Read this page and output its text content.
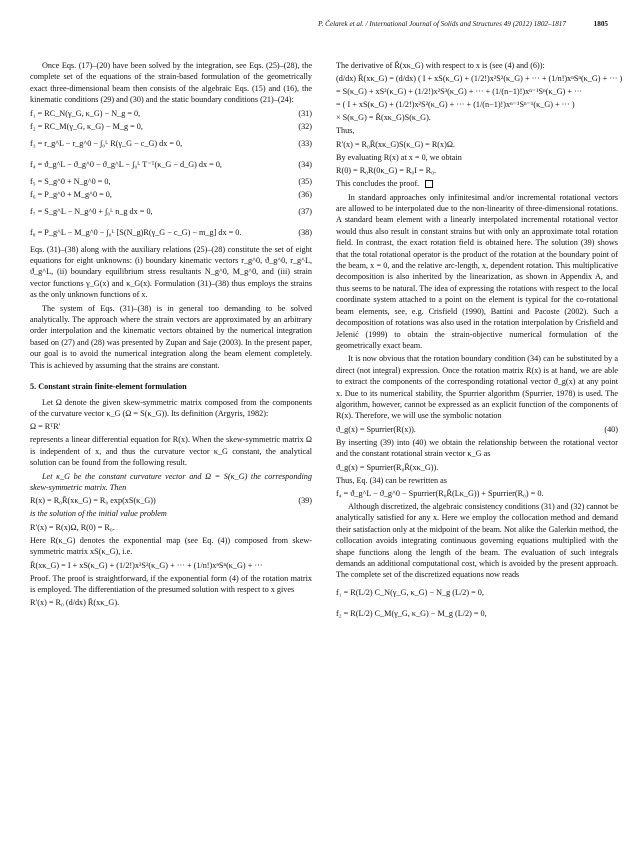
P. Čelarek et al. / International Journal of Solids and Structures 49 (2012) 1802–1817	1805

Once Eqs. (17)–(20) have been solved by the integration, see Eqs. (25)–(28), the complete set of the equations of the strain-based formulation of the geometrically exact three-dimensional beam then consists of the algebraic Eqs. (15) and (16), the kinematic conditions (29) and (30) and the static boundary conditions (21)–(24):

f₁ = RC_N(γ_G, κ_G) − N_g = 0,	(31)
f₂ = RC_M(γ_G, κ_G) − M_g = 0,	(32)
f₃ = r_g^L − r_g^0 − ∫₀ᴸ R(γ_G − c_G) dx = 0,	(33)
f₄ = ϑ_g^L − ϑ_g^0 − ϑ_g^L − ∫₀ᴸ T⁻ᵀ(κ_G − d_G) dx = 0,	(34)
f₅ = S_g^0 + N_g^0 = 0,	(35)
f₆ = P_g^0 + M_g^0 = 0,	(36)
f₇ = S_g^L − N_g^0 + ∫₀ᴸ n_g dx = 0,	(37)
f₈ = P_g^L − M_g^0 − ∫₀ᴸ [S(N_g)R(γ_G − c_G) − m_g] dx = 0.	(38)

Eqs. (31)–(38) along with the auxiliary relations (25)–(28) constitute the set of eight equations for eight unknowns: (i) boundary kinematic vectors r_g^0, ϑ_g^0, r_g^L, ϑ_g^L, (ii) boundary equilibrium stress resultants N_g^0, M_g^0, and (iii) strain vector functions γ_G(x) and κ_G(x). Formulation (31)–(38) thus employs the strains as the only unknown functions of x.

The system of Eqs. (31)–(38) is in general too demanding to be solved analytically. The approach where the strain vectors are approximated by an arbitrary order interpolation and the kinematic vectors obtained by the numerical integration based on (27) and (28) was presented by Zupan and Saje (2003). In the present paper, our goal is to avoid the numerical integration along the beam element completely. This is achieved by assuming that the strains are constant.

5. Constant strain finite-element formulation

Let Ω denote the given skew-symmetric matrix composed from the components of the curvature vector κ_G (Ω = S(κ_G)). Its definition (Argyris, 1982):

Ω = RᵀR′

represents a linear differential equation for R(x). When the skew-symmetric matrix Ω is independent of x, and thus the curvature vector κ_G constant, the analytical solution can be found from the following result.

Let κ_G be the constant curvature vector and Ω = S(κ_G) the corresponding skew-symmetric matrix. Then

R(x) = R₀R̄(xκ_G) = R₀ exp(xS(κ_G))	(39)

is the solution of the initial value problem

R′(x) = R(x)Ω, R(0) = R₀.

Here R(κ_G) denotes the exponential map (see Eq. (4)) composed from skew-symmetric matrix xS(κ_G), i.e.

R̄(xκ_G) = I + xS(κ_G) + (1/2!)x²S²(κ_G) + ··· + (1/n!)xⁿSⁿ(κ_G) + ···

Proof. The proof is straightforward, if the exponential form (4) of the rotation matrix is employed. The differentiation of the presumed solution with respect to x gives

R′(x) = R₀ (d/dx) R̄(xκ_G).

The derivative of R̄(xκ_G) with respect to x is (see (4) and (6)):

(d/dx) R̄(xκ_G) = (d/dx) ( I + xS(κ_G) + (1/2!)x²S²(κ_G) + ··· + (1/n!)xⁿSⁿ(κ_G) + ··· )
= S(κ_G) + xS²(κ_G) + (1/2!)x²S³(κ_G) + ··· + (1/(n−1)!)xⁿ⁻¹Sⁿ(κ_G) + ···
= ( I + xS(κ_G) + (1/2!)x²S²(κ_G) + ··· + (1/(n−1)!)xⁿ⁻¹Sⁿ⁻¹(κ_G) + ··· )
× S(κ_G) = R̄(xκ_G)S(κ_G).

Thus,

R′(x) = R₀R̄(xκ_G)S(κ_G) = R(x)Ω.

By evaluating R(x) at x = 0, we obtain

R(0) = R₀R(0κ_G) = R₀I = R₀.

This concludes the proof.

In standard approaches only infinitesimal and/or incremental rotational vectors are allowed to be interpolated due to the non-linearity of three-dimensional rotations. A standard beam element with a linearly interpolated incremental rotational vector would thus also result in constant strains but with only an approximate total rotation field. In contrast, the exact rotation field is obtained here. The solution (39) shows that the total rotational operator is the product of the rotation at the boundary point of the beam, x = 0, and the relative arc-length, x, dependent rotation. This multiplicative decomposition is also inherited by the linearization, as shown in Appendix A, and thus seems to be natural. The idea of expressing the rotations with respect to the local coordinate system attached to a point on the element is typical for the co-rotational beam elements, see, e.g. Crisfield (1990), Battini and Pacoste (2002). Such a decomposition of rotations was also used in the rotation interpolation by Crisfield and Jelenić (1999) to obtain the strain-objective numerical formulation of the geometrically exact beam.

It is now obvious that the rotation boundary condition (34) can be substituted by a direct (not integral) expression. Once the rotation matrix R(x) is at hand, we are able to extract the components of the corresponding rotational vector ϑ_g(x) at any point x. Due to its numerical stability, the Spurrier algorithm (Spurrier, 1978) is used. The algorithm, however, cannot be expressed as an explicit function of the components of R(x). Therefore, we will use the symbolic notation

ϑ_g(x) = Spurrier(R(x)).	(40)

By inserting (39) into (40) we obtain the relationship between the rotational vector and the constant rotational strain vector κ_G as

ϑ_g(x) = Spurrier(R₀R̄(xκ_G)).

Thus, Eq. (34) can be rewritten as

f₄ = ϑ_g^L − ϑ_g^0 − Spurrier(R₀R̄(Lκ_G)) + Spurrier(R₀) = 0.

Although discretized, the algebraic consistency conditions (31) and (32) cannot be analytically satisfied for any x. Here we employ the collocation method and demand their satisfaction only at the midpoint of the beam. Not alike the Galerkin method, the collocation avoids integrating continuous governing equations multiplied with the shape functions along the length of the beam. The evaluation of such integrals demands an additional computational cost, which is avoided by the present approach. The complete set of the discretized equations now reads

f₁ = R(L/2) C_N(γ_G, κ_G) − N_g (L/2) = 0,
f₂ = R(L/2) C_M(γ_G, κ_G) − M_g (L/2) = 0,
